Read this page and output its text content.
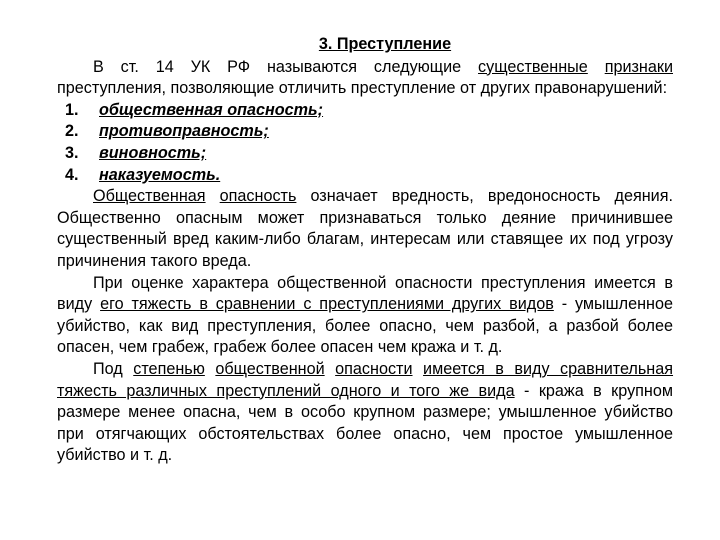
3. Преступление

В ст. 14 УК РФ называются следующие существенные признаки преступления, позволяющие отличить преступление от других правонарушений:

общественная опасность;
противоправность;
виновность;
наказуемость.

Общественная опасность означает вредность, вредоносность деяния. Общественно опасным может признаваться только деяние причинившее существенный вред каким-либо благам, интересам или ставящее их под угрозу причинения такого вреда.

При оценке характера общественной опасности преступления имеется в виду его тяжесть в сравнении с преступлениями других видов - умышленное убийство, как вид преступления, более опасно, чем разбой, а разбой более опасен, чем грабеж, грабеж более опасен чем кража и т. д.

Под степенью общественной опасности имеется в виду сравнительная тяжесть различных преступлений одного и того же вида - кража в крупном размере менее опасна, чем в особо крупном размере; умышленное убийство при отягчающих обстоятельствах более опасно, чем простое умышленное убийство и т. д.
